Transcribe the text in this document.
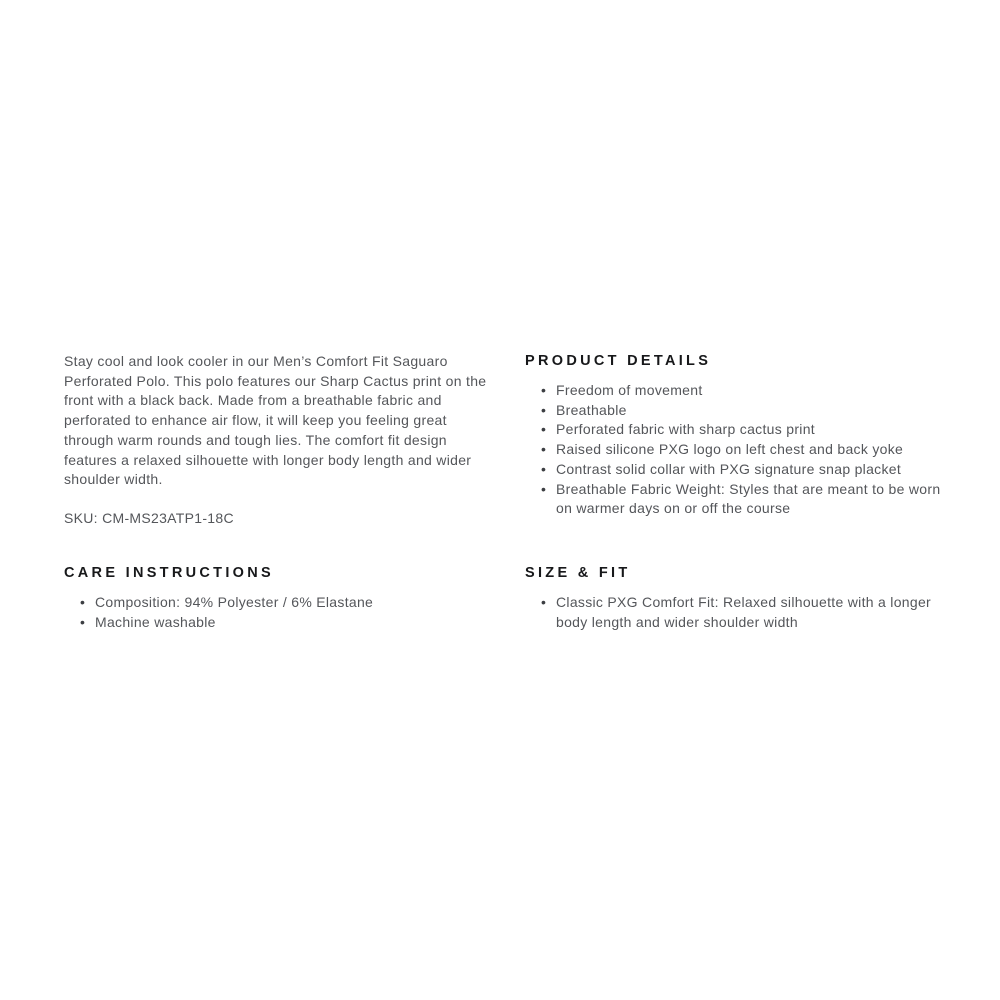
Stay cool and look cooler in our Men’s Comfort Fit Saguaro Perforated Polo. This polo features our Sharp Cactus print on the front with a black back. Made from a breathable fabric and perforated to enhance air flow, it will keep you feeling great through warm rounds and tough lies. The comfort fit design features a relaxed silhouette with longer body length and wider shoulder width.

SKU: CM-MS23ATP1-18C

PRODUCT DETAILS
• Freedom of movement
• Breathable
• Perforated fabric with sharp cactus print
• Raised silicone PXG logo on left chest and back yoke
• Contrast solid collar with PXG signature snap placket
• Breathable Fabric Weight: Styles that are meant to be worn on warmer days on or off the course
CARE INSTRUCTIONS
• Composition: 94% Polyester / 6% Elastane
• Machine washable
SIZE & FIT
• Classic PXG Comfort Fit: Relaxed silhouette with a longer body length and wider shoulder width
